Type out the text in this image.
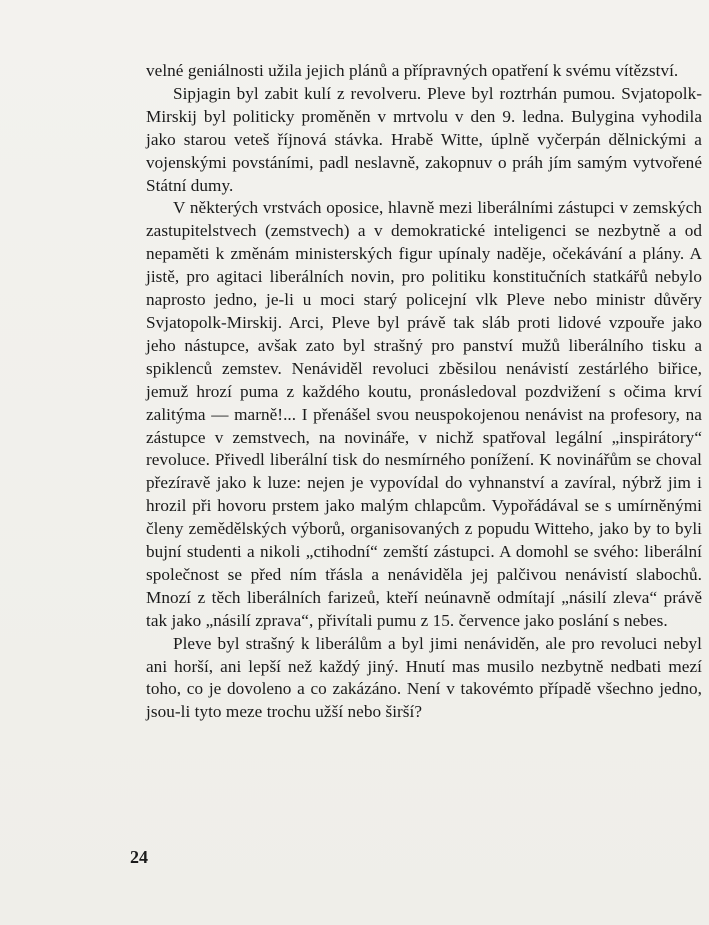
velné geniálnosti užila jejich plánů a přípravných opatření k svému vítězství.

Sipjagin byl zabit kulí z revolveru. Pleve byl roztrhán pumou. Svjatopolk-Mirskij byl politicky proměněn v mrtvolu v den 9. ledna. Bulygina vyhodila jako starou veteš říjnová stávka. Hrabě Witte, úplně vyčerpán dělnickými a vojenskými povstáními, padl neslavně, zakopnuv o práh jím samým vytvořené Státní dumy.

V některých vrstvách oposice, hlavně mezi liberálními zástupci v zemských zastupitelstvech (zemstvech) a v demokratické inteligenci se nezbytně a od nepaměti k změnám ministerských figur upínaly naděje, očekávání a plány. A jistě, pro agitaci liberálních novin, pro politiku konstitučních statkářů nebylo naprosto jedno, je-li u moci starý policejní vlk Pleve nebo ministr důvěry Svjatopolk-Mirskij. Arci, Pleve byl právě tak sláb proti lidové vzpouře jako jeho nástupce, avšak zato byl strašný pro panství mužů liberálního tisku a spiklenců zemstev. Nenáviděl revoluci zběsilou nenávistí zestárlého biřice, jemuž hrozí puma z každého koutu, pronásledoval pozdvižení s očima krví zalitýma — marně!... I přenášel svou neuspokojenou nenávist na profesory, na zástupce v zemstvech, na novináře, v nichž spatřoval legální „inspirátory“ revoluce. Přivedl liberální tisk do nesmírného ponížení. K novinářům se choval přezíravě jako k luze: nejen je vypovídal do vyhnanství a zavíral, nýbrž jim i hrozil při hovoru prstem jako malým chlapcům. Vypořádával se s umírněnými členy zemědělských výborů, organisovaných z popudu Witteho, jako by to byli bujní studenti a nikoli „ctihodní“ zemští zástupci. A domohl se svého: liberální společnost se před ním třásla a nenáviděla jej palčivou nenávistí slabochů. Mnozí z těch liberálních farizeů, kteří neúnavně odmítají „násilí zleva“ právě tak jako „násilí zprava“, přivítali pumu z 15. července jako poslání s nebes.

Pleve byl strašný k liberálům a byl jimi nenáviděn, ale pro revoluci nebyl ani horší, ani lepší než každý jiný. Hnutí mas musilo nezbytně nedbati mezí toho, co je dovoleno a co zakázáno. Není v takovémto případě všechno jedno, jsou-li tyto meze trochu užší nebo širší?

24
